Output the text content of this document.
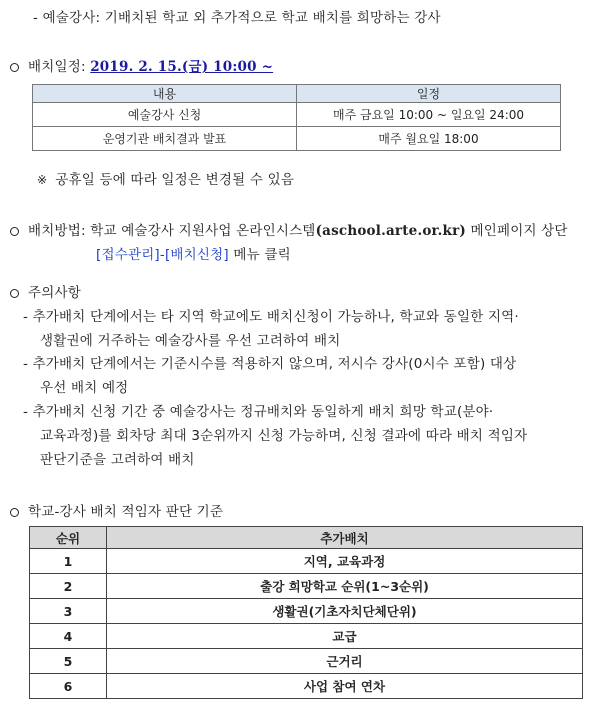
- 예술강사: 기배치된 학교 외 추가적으로 학교 배치를 희망하는 강사
배치일정: 2019. 2. 15.(금) 10:00 ~
내용	일정
예술강사 신청	매주 금요일 10:00 ~ 일요일 24:00
운영기관 배치결과 발표	매주 월요일 18:00
※ 공휴일 등에 따라 일정은 변경될 수 있음
배치방법: 학교 예술강사 지원사업 온라인시스템(aschool.arte.or.kr) 메인페이지 상단
[접수관리]-[배치신청] 메뉴 클릭
주의사항
- 추가배치 단계에서는 타 지역 학교에도 배치신청이 가능하나, 학교와 동일한 지역·
생활권에 거주하는 예술강사를 우선 고려하여 배치
- 추가배치 단계에서는 기준시수를 적용하지 않으며, 저시수 강사(0시수 포함) 대상
우선 배치 예정
- 추가배치 신청 기간 중 예술강사는 정규배치와 동일하게 배치 희망 학교(분야·
교육과정)를 회차당 최대 3순위까지 신청 가능하며, 신청 결과에 따라 배치 적임자
판단기준을 고려하여 배치
학교-강사 배치 적임자 판단 기준
순위	추가배치
1	지역, 교육과정
2	출강 희망학교 순위(1~3순위)
3	생활권(기초자치단체단위)
4	교급
5	근거리
6	사업 참여 연차
